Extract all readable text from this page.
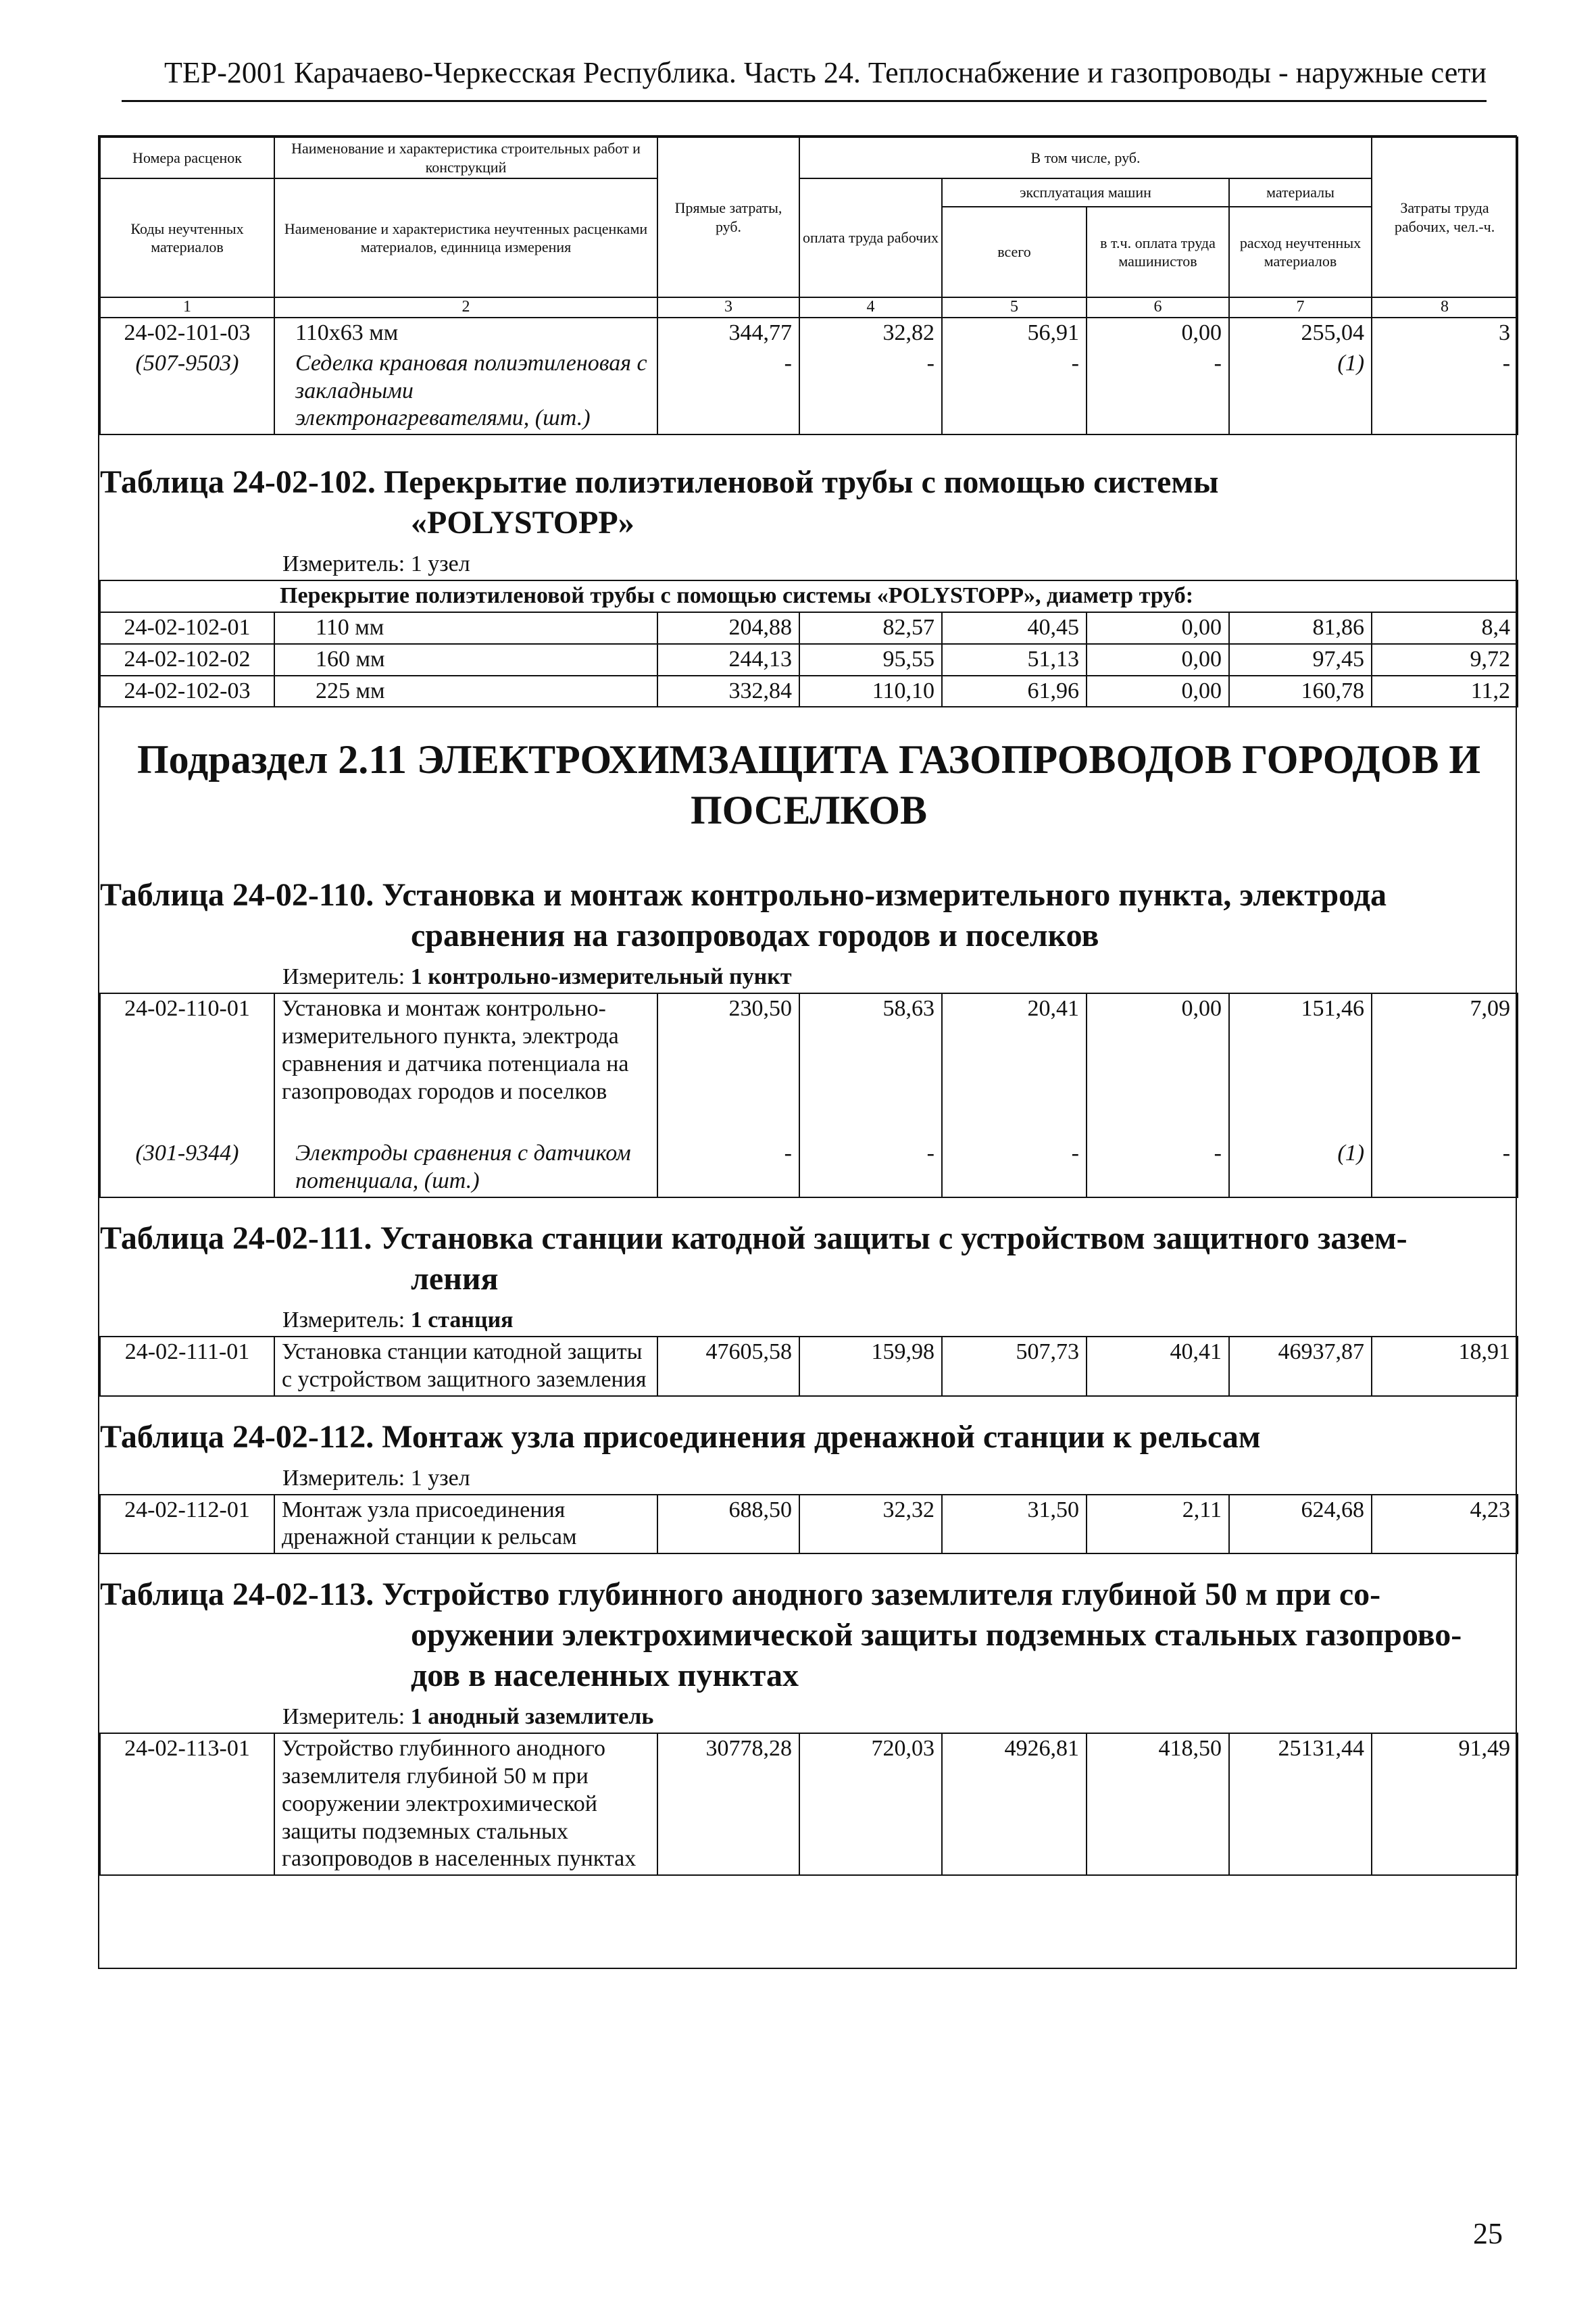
ТЕР-2001 Карачаево-Черкесская Республика. Часть 24. Теплоснабжение и газопроводы - наружные сети
Номера расценок	Наименование и характеристика строительных работ и конструкций	Прямые затраты, руб.	В том числе, руб.				Затраты труда рабочих, чел.-ч.
Коды неучтенных материалов	Наименование и характеристика неучтенных расценками материалов, единница измерения		оплата труда рабочих	эксплуатация машин		материалы	
				всего	в т.ч. оплата труда машинистов	расход неучтенных материалов	

1	2	3	4	5	6	7	8
24-02-101-03	110х63 мм	344,77	32,82	56,91	0,00	255,04	3
(507-9503)	Седелка крановая полиэтиленовая с закладными электронагревателями, (шт.)	-	-	-	-	(1)	-
Таблица 24-02-102. Перекрытие полиэтиленовой трубы с помощью системы
«POLYSTOPP»							

Измеритель: 1 узел							
Перекрытие полиэтиленовой трубы с помощью системы «POLYSTOPP», диаметр труб:							
24-02-102-01	110 мм	204,88	82,57	40,45	0,00	81,86	8,4
24-02-102-02	160 мм	244,13	95,55	51,13	0,00	97,45	9,72
24-02-102-03	225 мм	332,84	110,10	61,96	0,00	160,78	11,2

Подраздел 2.11 ЭЛЕКТРОХИМЗАЩИТА ГАЗОПРОВОДОВ ГОРОДОВ И
ПОСЕЛКОВ							

Таблица 24-02-110. Установка и монтаж контрольно-измерительного пункта, электрода
сравнения на газопроводах городов и поселков							

Измеритель: 1 контрольно-измерительный пункт							
24-02-110-01	Установка и монтаж контрольно-измерительного пункта, электрода сравнения и датчика потенциала на газопроводах городов и поселков	230,50	58,63	20,41	0,00	151,46	7,09
(301-9344)	Электроды сравнения с датчиком потенциала, (шт.)	-	-	-	-	(1)	-
Таблица 24-02-111. Установка станции катодной защиты с устройством защитного зазем-
ления							

Измеритель: 1 станция							
24-02-111-01	Установка станции катодной защиты с устройством защитного заземления	47605,58	159,98	507,73	40,41	46937,87	18,91
Таблица 24-02-112. Монтаж узла присоединения дренажной станции к рельсам							
Измеритель: 1 узел							
24-02-112-01	Монтаж узла присоединения дренажной станции к рельсам	688,50	32,32	31,50	2,11	624,68	4,23
Таблица 24-02-113. Устройство глубинного анодного заземлителя глубиной 50 м при со-
оружении электрохимической защиты подземных стальных газопрово- дов в населенных пунктах							

Измеритель: 1 анодный заземлитель							
24-02-113-01	Устройство глубинного анодного заземлителя глубиной 50 м при сооружении электрохимической защиты подземных стальных газопроводов в населенных пунктах	30778,28	720,03	4926,81	418,50	25131,44	91,49
25
